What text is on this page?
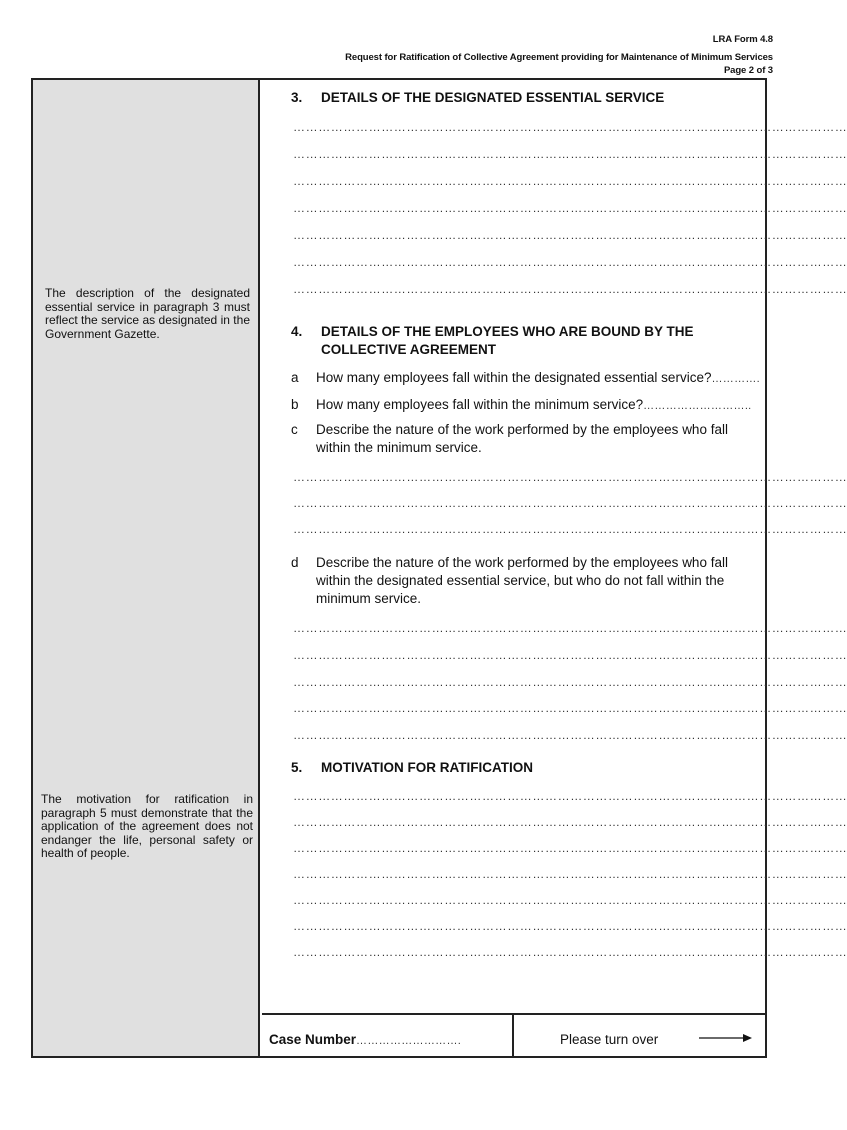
LRA Form 4.8
Request for Ratification of Collective Agreement providing for Maintenance of Minimum Services
Page 2 of 3
The description of the designated essential service in paragraph 3 must reflect the service as designated in the Government Gazette.
The motivation for ratification in paragraph 5 must demonstrate that the application of the agreement does not endanger the life, personal safety or health of people.
3. DETAILS OF THE DESIGNATED ESSENTIAL SERVICE
……………………………………………………………………………………………………………………
……………………………………………………………………………………………………………………
……………………………………………………………………………………………………………………
……………………………………………………………………………………………………………………
……………………………………………………………………………………………………………………
……………………………………………………………………………………………………………………
……………………………………………………………………………………………………………………
4. DETAILS OF THE EMPLOYEES WHO ARE BOUND BY THE COLLECTIVE AGREEMENT
a How many employees fall within the designated essential service?………….
b How many employees fall within the minimum service?………………………..
c Describe the nature of the work performed by the employees who fall within the minimum service.
……………………………………………………………………………………………………………………
……………………………………………………………………………………………………………………
……………………………………………………………………………………………………………………
d Describe the nature of the work performed by the employees who fall within the designated essential service, but who do not fall within the minimum service.
……………………………………………………………………………………………………………………
……………………………………………………………………………………………………………………
……………………………………………………………………………………………………………………
……………………………………………………………………………………………………………………
……………………………………………………………………………………………………………………
5. MOTIVATION FOR RATIFICATION
……………………………………………………………………………………………………………………
……………………………………………………………………………………………………………………
……………………………………………………………………………………………………………………
……………………………………………………………………………………………………………………
……………………………………………………………………………………………………………………
……………………………………………………………………………………………………………………
……………………………………………………………………………………………………………………
Case Number……………………….	Please turn over
